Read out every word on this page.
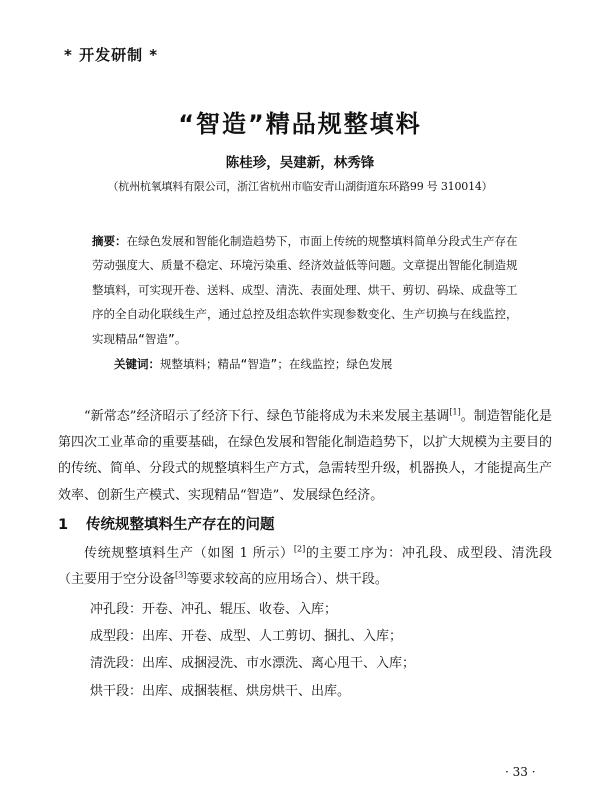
* 开发研制 *
“智造”精品规整填料
陈桂珍，吴建新，林秀锋
（杭州杭氧填料有限公司，浙江省杭州市临安青山湖街道东环路99 号 310014）
摘要：在绿色发展和智能化制造趋势下，市面上传统的规整填料简单分段式生产存在劳动强度大、质量不稳定、环境污染重、经济效益低等问题。文章提出智能化制造规整填料，可实现开卷、送料、成型、清洗、表面处理、烘干、剪切、码垛、成盘等工序的全自动化联线生产，通过总控及组态软件实现参数变化、生产切换与在线监控，实现精品“智造”。
关键词：规整填料；精品“智造”；在线监控；绿色发展

“新常态”经济昭示了经济下行、绿色节能将成为未来发展主基调[1]。制造智能化是第四次工业革命的重要基础，在绿色发展和智能化制造趋势下，以扩大规模为主要目的的传统、简单、分段式的规整填料生产方式，急需转型升级，机器换人，才能提高生产效率、创新生产模式、实现精品“智造”、发展绿色经济。

1 传统规整填料生产存在的问题

传统规整填料生产（如图 1 所示）[2]的主要工序为：冲孔段、成型段、清洗段（主要用于空分设备[3]等要求较高的应用场合）、烘干段。

冲孔段：开卷、冲孔、辊压、收卷、入库；
成型段：出库、开卷、成型、人工剪切、捆扎、入库；
清洗段：出库、成捆浸洗、市水漂洗、离心甩干、入库；
烘干段：出库、成捆装框、烘房烘干、出库。
· 33 ·
